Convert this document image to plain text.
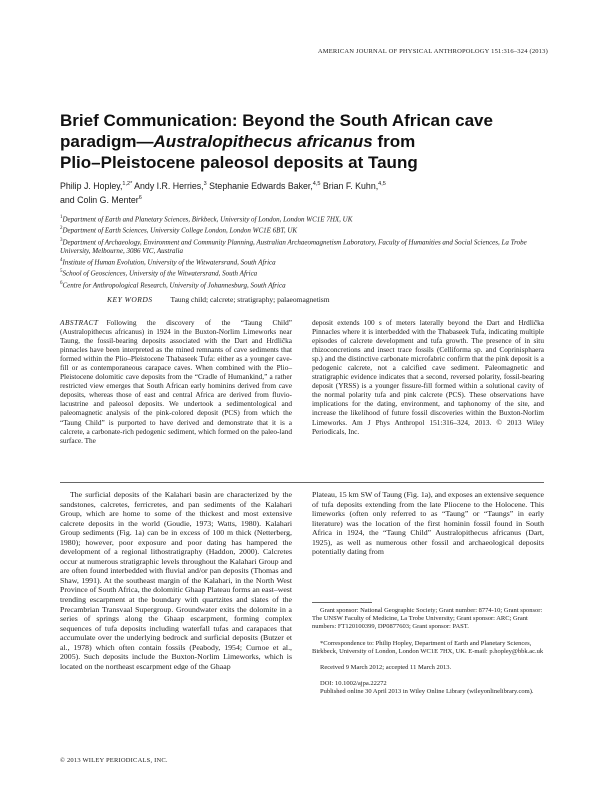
AMERICAN JOURNAL OF PHYSICAL ANTHROPOLOGY 151:316–324 (2013)
Brief Communication: Beyond the South African cave
paradigm—Australopithecus africanus from
Plio–Pleistocene paleosol deposits at Taung
Philip J. Hopley,$^{1,2*}$ Andy I.R. Herries,$^3$ Stephanie Edwards Baker,$^{4,5}$ Brian F. Kuhn,$^{4,5}$
and Colin G. Menter$^6$
$^1$Department of Earth and Planetary Sciences, Birkbeck, University of London, London WC1E 7HX, UK
$^2$Department of Earth Sciences, University College London, London WC1E 6BT, UK
$^3$Department of Archaeology, Environment and Community Planning, Australian Archaeomagnetism Laboratory, Faculty of Humanities and Social Sciences, La Trobe University, Melbourne, 3086 VIC, Australia
$^4$Institute of Human Evolution, University of the Witwatersrand, South Africa
$^5$School of Geosciences, University of the Witwatersrand, South Africa
$^6$Centre for Anthropological Research, University of Johannesburg, South Africa
KEY WORDS Taung child; calcrete; stratigraphy; palaeomagnetism

ABSTRACT Following the discovery of the “Taung Child” (Australopithecus africanus) in 1924 in the Buxton-Norlim Limeworks near Taung, the fossil-bearing deposits associated with the Dart and Hrdlička pinnacles have been interpreted as the mined remnants of cave sediments that formed within the Plio–Pleistocene Thabaseek Tufa: either as a younger cave-fill or as contemporaneous carapace caves. When combined with the Plio–Pleistocene dolomitic cave deposits from the “Cradle of Humankind,” a rather restricted view emerges that South African early hominins derived from cave deposits, whereas those of east and central Africa are derived from fluvio-lacustrine and paleosol deposits. We undertook a sedimentological and paleomagnetic analysis of the pink-colored deposit (PCS) from which the “Taung Child” is purported to have derived and demonstrate that it is a calcrete, a carbonate-rich pedogenic sediment, which formed on the paleo-land surface. The

deposit extends 100 s of meters laterally beyond the Dart and Hrdlička Pinnacles where it is interbedded with the Thabaseek Tufa, indicating multiple episodes of calcrete development and tufa growth. The presence of in situ rhizoconcretions and insect trace fossils (Celliforma sp. and Coprinisphaera sp.) and the distinctive carbonate microfabric confirm that the pink deposit is a pedogenic calcrete, not a calcified cave sediment. Paleomagnetic and stratigraphic evidence indicates that a second, reversed polarity, fossil-bearing deposit (YRSS) is a younger fissure-fill formed within a solutional cavity of the normal polarity tufa and pink calcrete (PCS). These observations have implications for the dating, environment, and taphonomy of the site, and increase the likelihood of future fossil discoveries within the Buxton-Norlim Limeworks. Am J Phys Anthropol 151:316–324, 2013. © 2013 Wiley Periodicals, Inc.

The surficial deposits of the Kalahari basin are characterized by the sandstones, calcretes, ferricretes, and pan sediments of the Kalahari Group, which are home to some of the thickest and most extensive calcrete deposits in the world (Goudie, 1973; Watts, 1980). Kalahari Group sediments (Fig. 1a) can be in excess of 100 m thick (Netterberg, 1980); however, poor exposure and poor dating has hampered the development of a regional lithostratigraphy (Haddon, 2000). Calcretes occur at numerous stratigraphic levels throughout the Kalahari Group and are often found interbedded with fluvial and/or pan deposits (Thomas and Shaw, 1991). At the southeast margin of the Kalahari, in the North West Province of South Africa, the dolomitic Ghaap Plateau forms an east–west trending escarpment at the boundary with quartzites and slates of the Precambrian Transvaal Supergroup. Groundwater exits the dolomite in a series of springs along the Ghaap escarpment, forming complex sequences of tufa deposits including waterfall tufas and carapaces that accumulate over the underlying bedrock and surficial deposits (Butzer et al., 1978) which often contain fossils (Peabody, 1954; Curnoe et al., 2005). Such deposits include the Buxton-Norlim Limeworks, which is located on the northeast escarpment edge of the Ghaap

Plateau, 15 km SW of Taung (Fig. 1a), and exposes an extensive sequence of tufa deposits extending from the late Pliocene to the Holocene. This limeworks (often only referred to as “Taung” or “Taungs” in early literature) was the location of the first hominin fossil found in South Africa in 1924, the “Taung Child” Australopithecus africanus (Dart, 1925), as well as numerous other fossil and archaeological deposits potentially dating from

Grant sponsor: National Geographic Society; Grant number: 8774-10; Grant sponsor: The UNSW Faculty of Medicine, La Trobe University; Grant sponsor: ARC; Grant numbers: FT120100399, DP0877603; Grant sponsor: PAST.

*Correspondence to: Philip Hopley, Department of Earth and Planetary Sciences, Birkbeck, University of London, London WC1E 7HX, UK. E-mail: p.hopley@bbk.ac.uk

Received 9 March 2012; accepted 11 March 2013.

DOI: 10.1002/ajpa.22272

Published online 30 April 2013 in Wiley Online Library (wileyonlinelibrary.com).

© 2013 WILEY PERIODICALS, INC.
